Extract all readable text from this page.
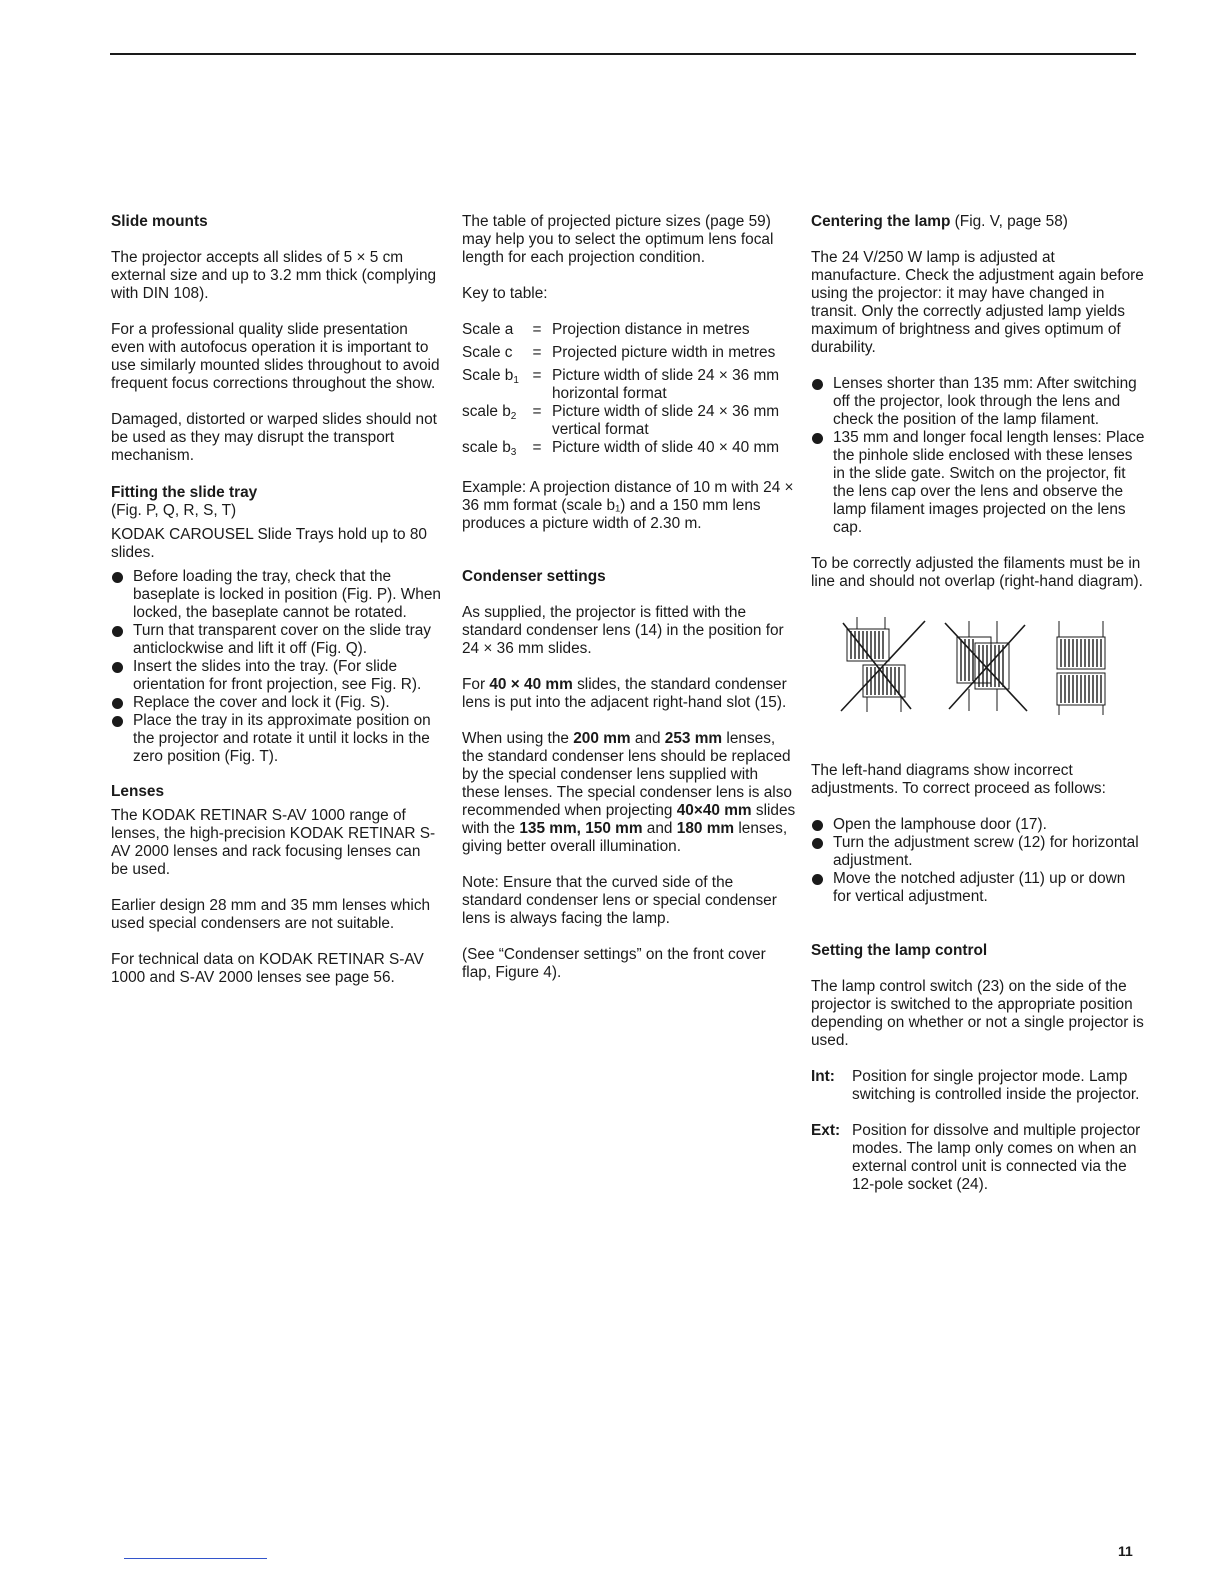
Slide mounts

The projector accepts all slides of 5 × 5 cm external size and up to 3.2 mm thick (complying with DIN 108).

For a professional quality slide presentation even with autofocus operation it is important to use similarly mounted slides throughout to avoid frequent focus corrections throughout the show.

Damaged, distorted or warped slides should not be used as they may disrupt the transport mechanism.

Fitting the slide tray

(Fig. P, Q, R, S, T)

KODAK CAROUSEL Slide Trays hold up to 80 slides.

Before loading the tray, check that the baseplate is locked in position (Fig. P). When locked, the baseplate cannot be rotated.
Turn that transparent cover on the slide tray anticlockwise and lift it off (Fig. Q).
Insert the slides into the tray. (For slide orientation for front projection, see Fig. R).
Replace the cover and lock it (Fig. S).
Place the tray in its approximate position on the projector and rotate it until it locks in the zero position (Fig. T).
Lenses

The KODAK RETINAR S-AV 1000 range of lenses, the high-precision KODAK RETINAR S-AV 2000 lenses and rack focusing lenses can be used.

Earlier design 28 mm and 35 mm lenses which used special condensers are not suitable.

For technical data on KODAK RETINAR S-AV 1000 and S-AV 2000 lenses see page 56.

The table of projected picture sizes (page 59) may help you to select the optimum lens focal length for each projection condition.

Key to table:

Scale a	=	Projection distance in metres
Scale c	=	Projected picture width in metres
Scale $b_1$	=	Picture width of slide 24 × 36 mm horizontal format
scale $b_2$	=	Picture width of slide 24 × 36 mm vertical format
scale $b_3$	=	Picture width of slide 40 × 40 mm

Example: A projection distance of 10 m with 24 × 36 mm format (scale b₁) and a 150 mm lens produces a picture width of 2.30 m.

Condenser settings

As supplied, the projector is fitted with the standard condenser lens (14) in the position for 24 × 36 mm slides.

For 40 × 40 mm slides, the standard condenser lens is put into the adjacent right-hand slot (15).

When using the 200 mm and 253 mm lenses, the standard condenser lens should be replaced by the special condenser lens supplied with these lenses. The special condenser lens is also recommended when projecting 40×40 mm slides with the 135 mm, 150 mm and 180 mm lenses, giving better overall illumination.

Note: Ensure that the curved side of the standard condenser lens or special condenser lens is always facing the lamp.

(See “Condenser settings” on the front cover flap, Figure 4).

Centering the lamp (Fig. V, page 58)

The 24 V/250 W lamp is adjusted at manufacture. Check the adjustment again before using the projector: it may have changed in transit. Only the correctly adjusted lamp yields maximum of brightness and gives optimum of durability.

Lenses shorter than 135 mm: After switching off the projector, look through the lens and check the position of the lamp filament.
135 mm and longer focal length lenses: Place the pinhole slide enclosed with these lenses in the slide gate. Switch on the projector, fit the lens cap over the lens and observe the lamp filament images projected on the lens cap.

To be correctly adjusted the filaments must be in line and should not overlap (right-hand diagram).

The left-hand diagrams show incorrect adjustments. To correct proceed as follows:

Open the lamphouse door (17).
Turn the adjustment screw (12) for horizontal adjustment.
Move the notched adjuster (11) up or down for vertical adjustment.
Setting the lamp control

The lamp control switch (23) on the side of the projector is switched to the appropriate position depending on whether or not a single projector is used.

Int:	Position for single projector mode. Lamp switching is controlled inside the projector.
Ext: Position for dissolve and multiple projector modes. The lamp only comes on when an external control unit is connected via the 12-pole socket (24).
11
